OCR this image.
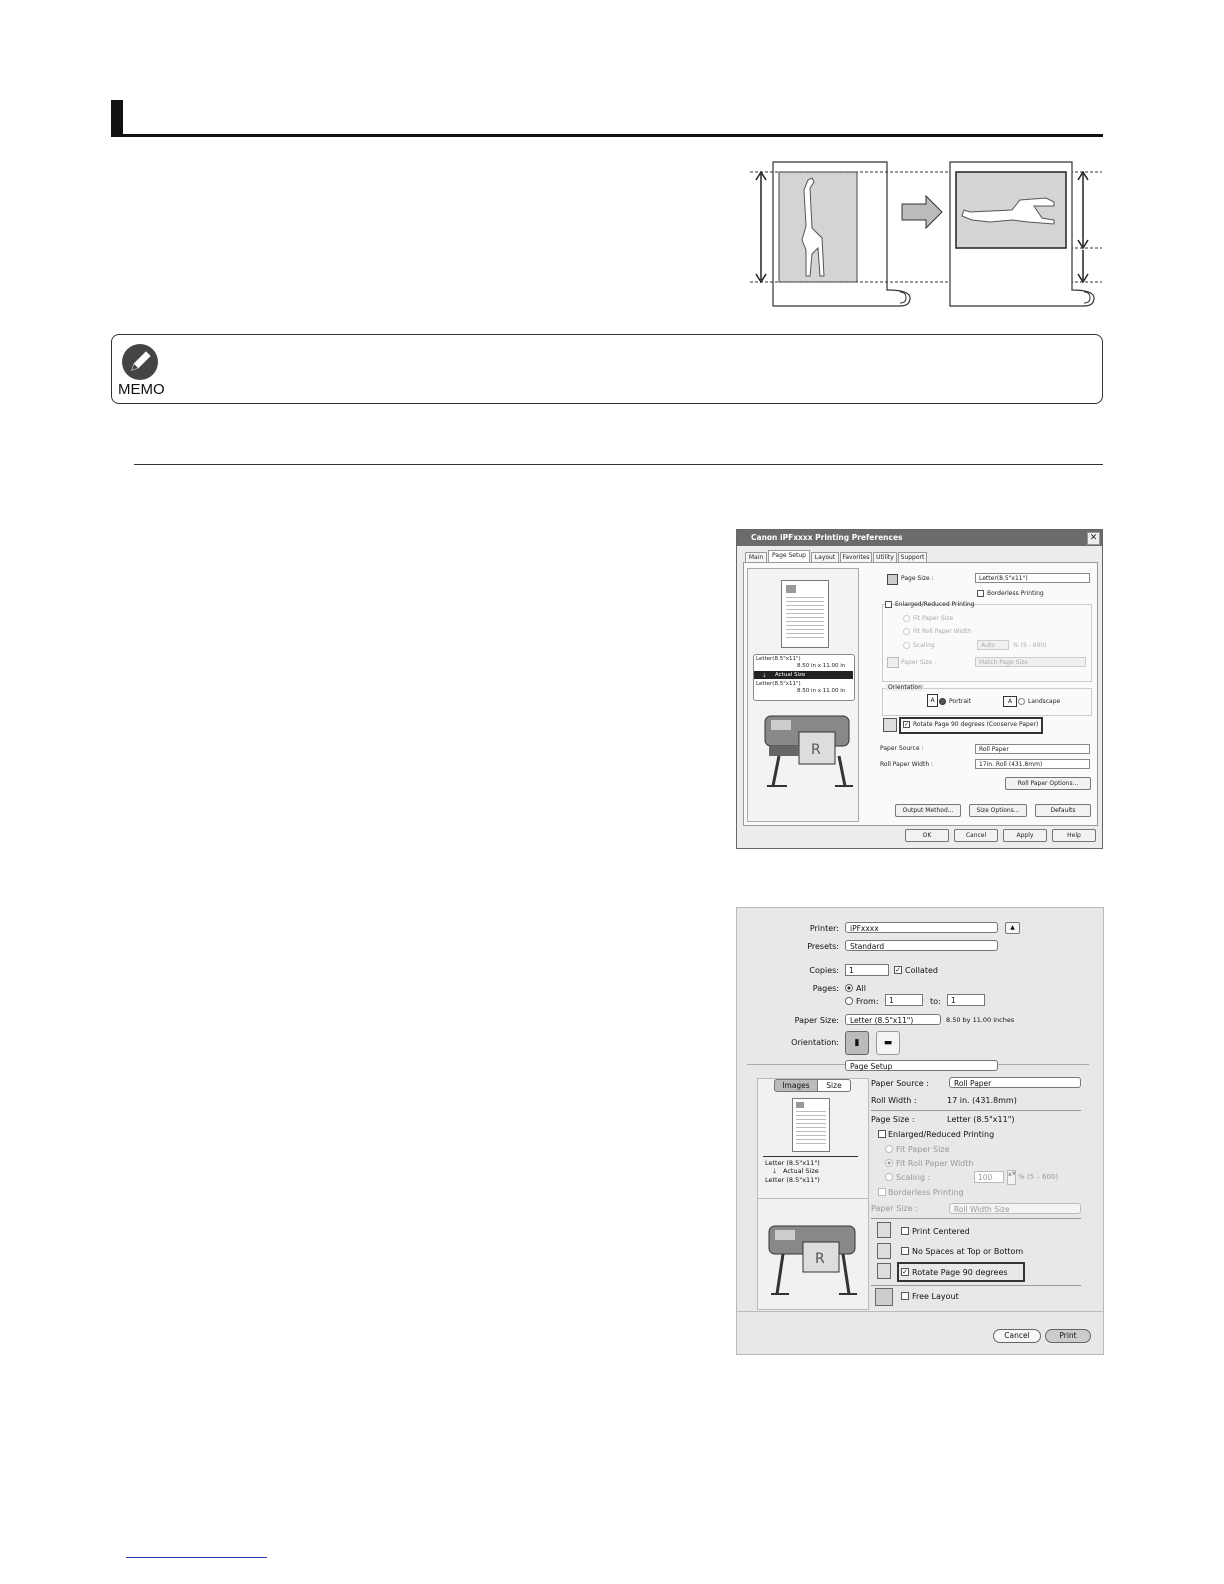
MEMO
Canon iPFxxxx Printing Preferences	✕
Main	Page Setup	Layout	Favorites	Utility	Support
Letter(8.5"x11")
8.50 in x 11.00 in
🡓 Actual Size
Letter(8.5"x11")
8.50 in x 11.00 in
R
Page Size :	Letter(8.5"x11")
Borderless Printing
Enlarged/Reduced Printing
Fit Paper Size
Fit Roll Paper Width
Scaling	Auto	% (5 - 600)
Paper Size :	Match Page Size
Orientation
A	Portrait	A	Landscape
✓ Rotate Page 90 degrees (Conserve Paper)
Paper Source :	Roll Paper
Roll Paper Width :	17in. Roll (431.8mm)
Roll Paper Options...
Output Method...	Size Options...	Defaults
OK	Cancel	Apply	Help
Printer:	iPFxxxx	▲
Presets:	Standard
Copies:	1	✓ Collated
Pages: All
From:	1	to:	1
Paper Size:	Letter (8.5"x11")	8.50 by 11.00 inches
Orientation:	▮	▬
Page Setup
Images	Size
Letter (8.5"x11")
🡓 Actual Size
Letter (8.5"x11")
R
Paper Source :	Roll Paper
Roll Width :	17 in. (431.8mm)
Page Size :	Letter (8.5"x11")
Enlarged/Reduced Printing
Fit Paper Size
Fit Roll Paper Width
Scaling :	100	▲▼ % (5 – 600)
Borderless Printing
Paper Size :	Roll Width Size
Print Centered
No Spaces at Top or Bottom
✓ Rotate Page 90 degrees
Free Layout
Cancel	Print
